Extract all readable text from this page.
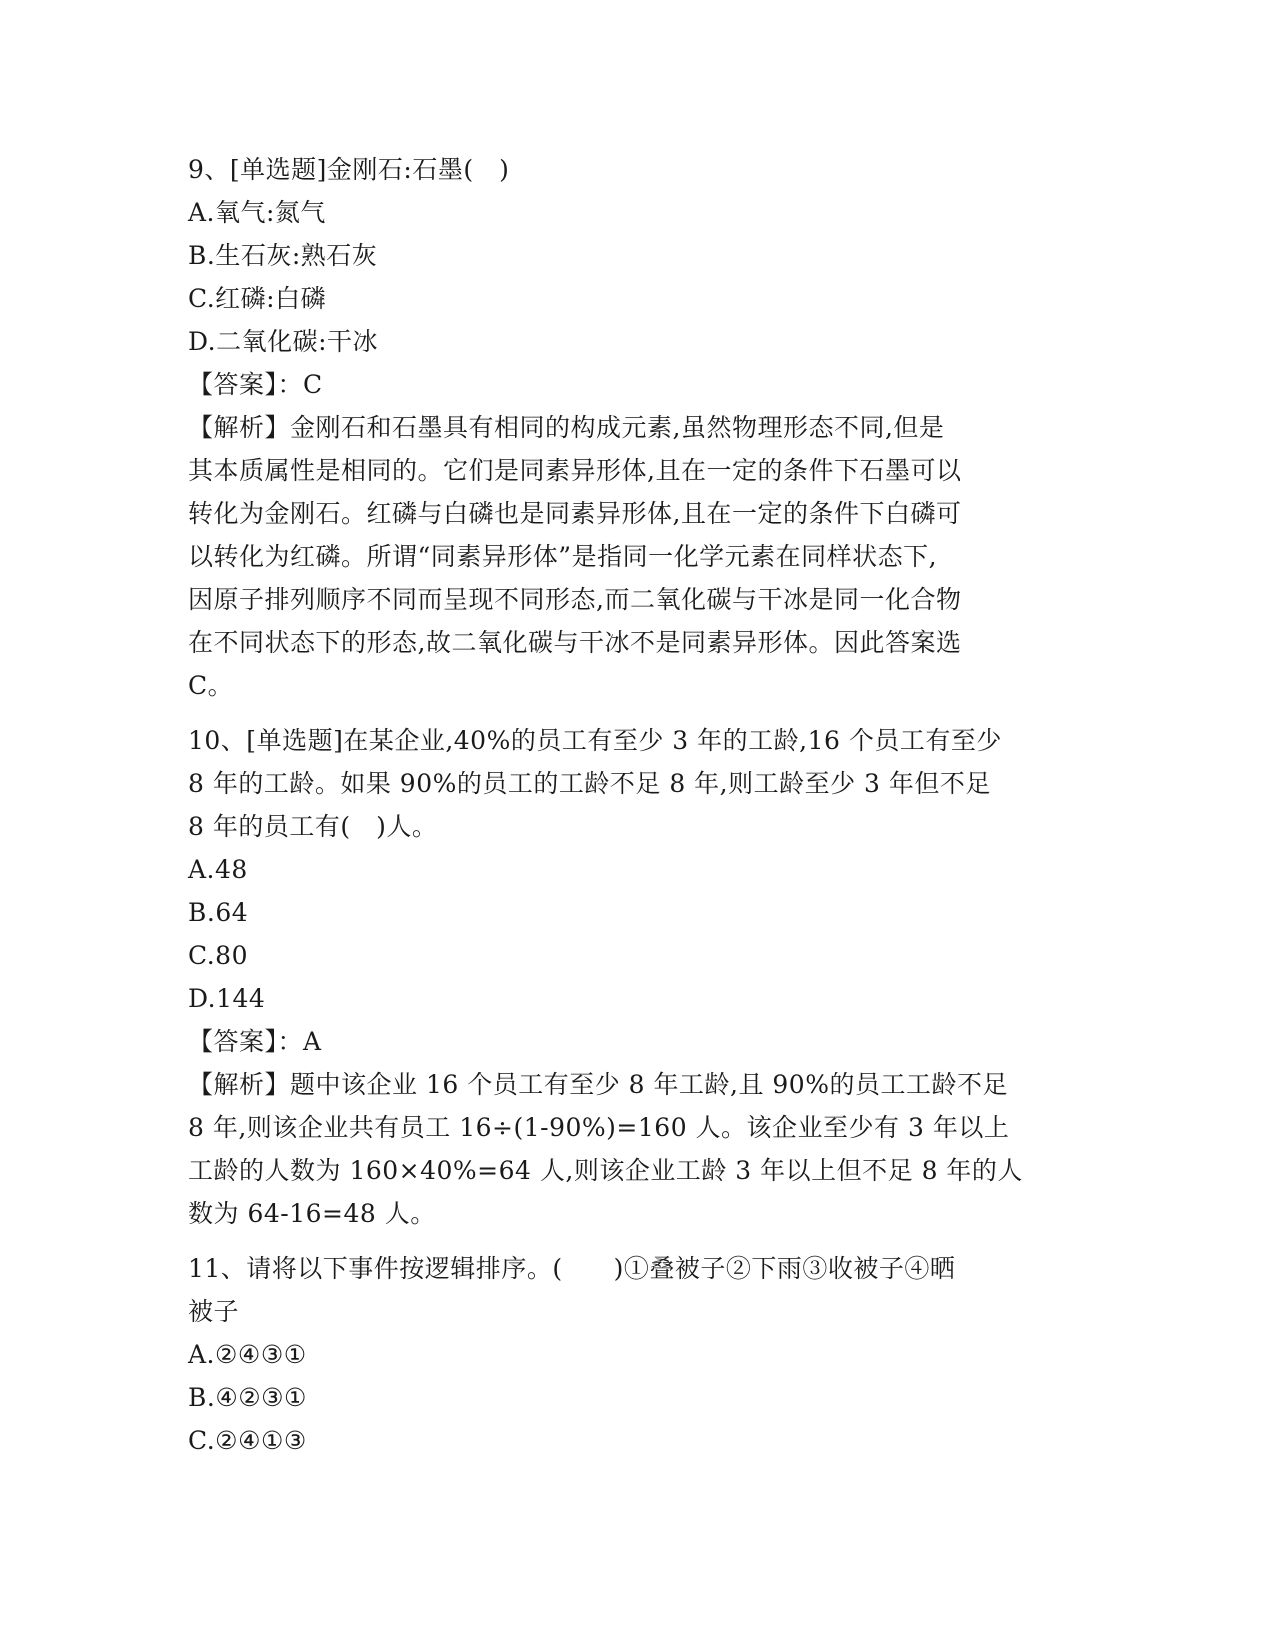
9、[单选题]金刚石:石墨(　)
A.氧气:氮气
B.生石灰:熟石灰
C.红磷:白磷
D.二氧化碳:干冰
【答案】：C
【解析】金刚石和石墨具有相同的构成元素,虽然物理形态不同,但是
其本质属性是相同的。它们是同素异形体,且在一定的条件下石墨可以
转化为金刚石。红磷与白磷也是同素异形体,且在一定的条件下白磷可
以转化为红磷。所谓“同素异形体”是指同一化学元素在同样状态下,
因原子排列顺序不同而呈现不同形态,而二氧化碳与干冰是同一化合物
在不同状态下的形态,故二氧化碳与干冰不是同素异形体。因此答案选
C。
10、[单选题]在某企业,40%的员工有至少 3 年的工龄,16 个员工有至少
8 年的工龄。如果 90%的员工的工龄不足 8 年,则工龄至少 3 年但不足
8 年的员工有(　)人。
A.48
B.64
C.80
D.144
【答案】：A
【解析】题中该企业 16 个员工有至少 8 年工龄,且 90%的员工工龄不足
8 年,则该企业共有员工 16÷(1-90%)=160 人。该企业至少有 3 年以上
工龄的人数为 160×40%=64 人,则该企业工龄 3 年以上但不足 8 年的人
数为 64-16=48 人。
11、请将以下事件按逻辑排序。(　　)①叠被子②下雨③收被子④晒
被子
A.②④③①
B.④②③①
C.②④①③
